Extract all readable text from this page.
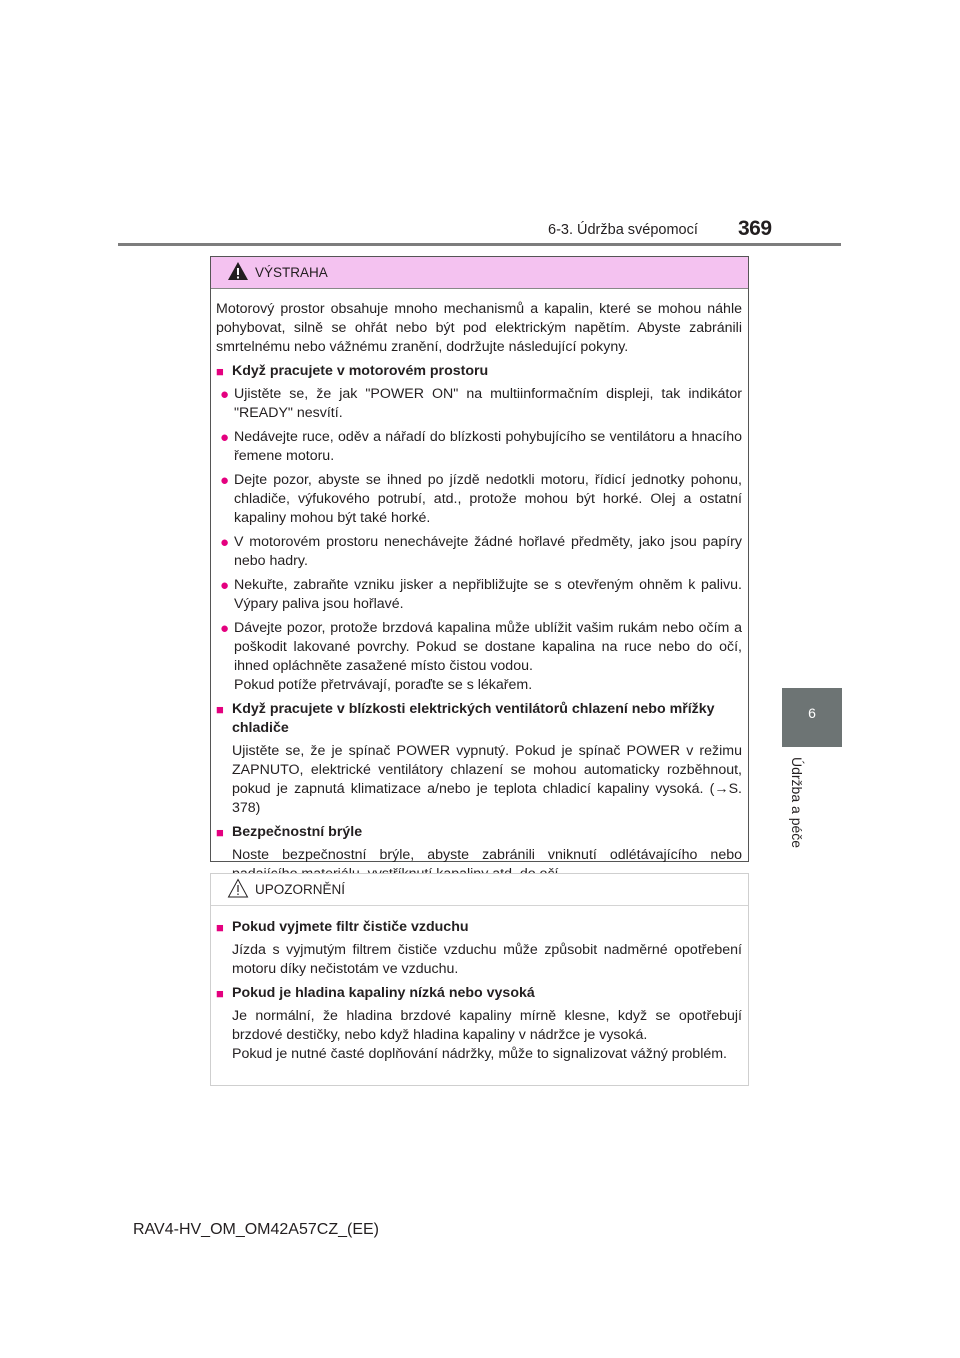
6-3. Údržba svépomocí 369
6
Údržba a péče
VÝSTRAHA
Motorový prostor obsahuje mnoho mechanismů a kapalin, které se mohou náhle pohybovat, silně se ohřát nebo být pod elektrickým napětím. Abyste zabránili smrtelnému nebo vážnému zranění, dodržujte následující pokyny.
■ Když pracujete v motorovém prostoru
● Ujistěte se, že jak "POWER ON" na multiinformačním displeji, tak indikátor "READY" nesvítí.
● Nedávejte ruce, oděv a nářadí do blízkosti pohybujícího se ventilátoru a hnacího řemene motoru.
● Dejte pozor, abyste se ihned po jízdě nedotkli motoru, řídicí jednotky pohonu, chladiče, výfukového potrubí, atd., protože mohou být horké. Olej a ostatní kapaliny mohou být také horké.
● V motorovém prostoru nenechávejte žádné hořlavé předměty, jako jsou papíry nebo hadry.
● Nekuřte, zabraňte vzniku jisker a nepřibližujte se s otevřeným ohněm k palivu. Výpary paliva jsou hořlavé.
● Dávejte pozor, protože brzdová kapalina může ublížit vašim rukám nebo očím a poškodit lakované povrchy. Pokud se dostane kapalina na ruce nebo do očí, ihned opláchněte zasažené místo čistou vodou.
Pokud potíže přetrvávají, poraďte se s lékařem.
■ Když pracujete v blízkosti elektrických ventilátorů chlazení nebo mřížky chladiče
Ujistěte se, že je spínač POWER vypnutý. Pokud je spínač POWER v režimu ZAPNUTO, elektrické ventilátory chlazení se mohou automaticky rozběhnout, pokud je zapnutá klimatizace a/nebo je teplota chladicí kapaliny vysoká. (→S. 378)
■ Bezpečnostní brýle
Noste bezpečnostní brýle, abyste zabránili vniknutí odlétávajícího nebo
UPOZORNĚNÍ
■ Pokud vyjmete filtr čističe vzduchu
Jízda s vyjmutým filtrem čističe vzduchu může způsobit nadměrné opotřebení motoru díky nečistotám ve vzduchu.
■ Pokud je hladina kapaliny nízká nebo vysoká
Je normální, že hladina brzdové kapaliny mírně klesne, když se opotřebují brzdové destičky, nebo když hladina kapaliny v nádržce je vysoká.
Pokud je nutné časté doplňování nádržky, může to signalizovat vážný problém.
RAV4-HV_OM_OM42A57CZ_(EE)
